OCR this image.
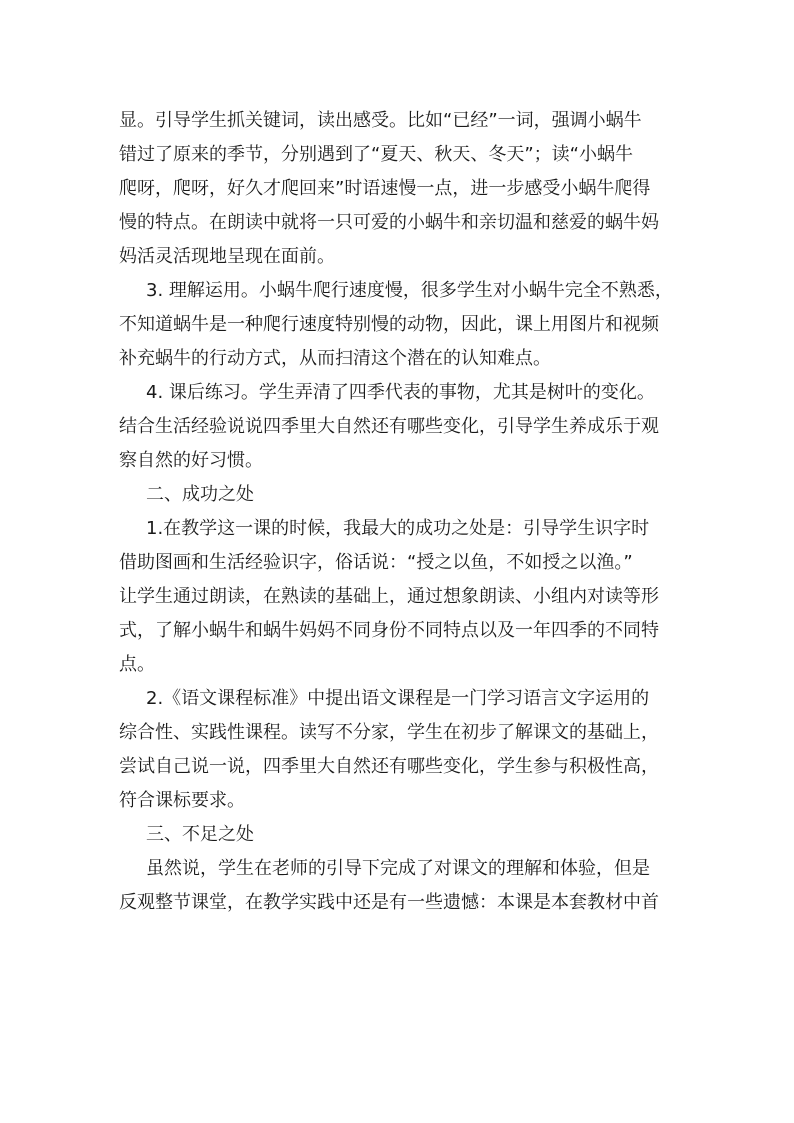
显。引导学生抓关键词，读出感受。比如“已经”一词，强调小蜗牛
错过了原来的季节，分别遇到了“夏天、秋天、冬天”；读“小蜗牛
爬呀，爬呀，好久才爬回来”时语速慢一点，进一步感受小蜗牛爬得
慢的特点。在朗读中就将一只可爱的小蜗牛和亲切温和慈爱的蜗牛妈
妈活灵活现地呈现在面前。
3. 理解运用。小蜗牛爬行速度慢，很多学生对小蜗牛完全不熟悉，
不知道蜗牛是一种爬行速度特别慢的动物，因此，课上用图片和视频
补充蜗牛的行动方式，从而扫清这个潜在的认知难点。
4. 课后练习。学生弄清了四季代表的事物，尤其是树叶的变化。
结合生活经验说说四季里大自然还有哪些变化，引导学生养成乐于观
察自然的好习惯。
二、成功之处
1.在教学这一课的时候，我最大的成功之处是：引导学生识字时
借助图画和生活经验识字，俗话说：“授之以鱼，不如授之以渔。”
让学生通过朗读，在熟读的基础上，通过想象朗读、小组内对读等形
式，了解小蜗牛和蜗牛妈妈不同身份不同特点以及一年四季的不同特
点。
2.《语文课程标准》中提出语文课程是一门学习语言文字运用的
综合性、实践性课程。读写不分家，学生在初步了解课文的基础上，
尝试自己说一说，四季里大自然还有哪些变化，学生参与积极性高，
符合课标要求。
三、不足之处
虽然说，学生在老师的引导下完成了对课文的理解和体验，但是
反观整节课堂，在教学实践中还是有一些遗憾：本课是本套教材中首
